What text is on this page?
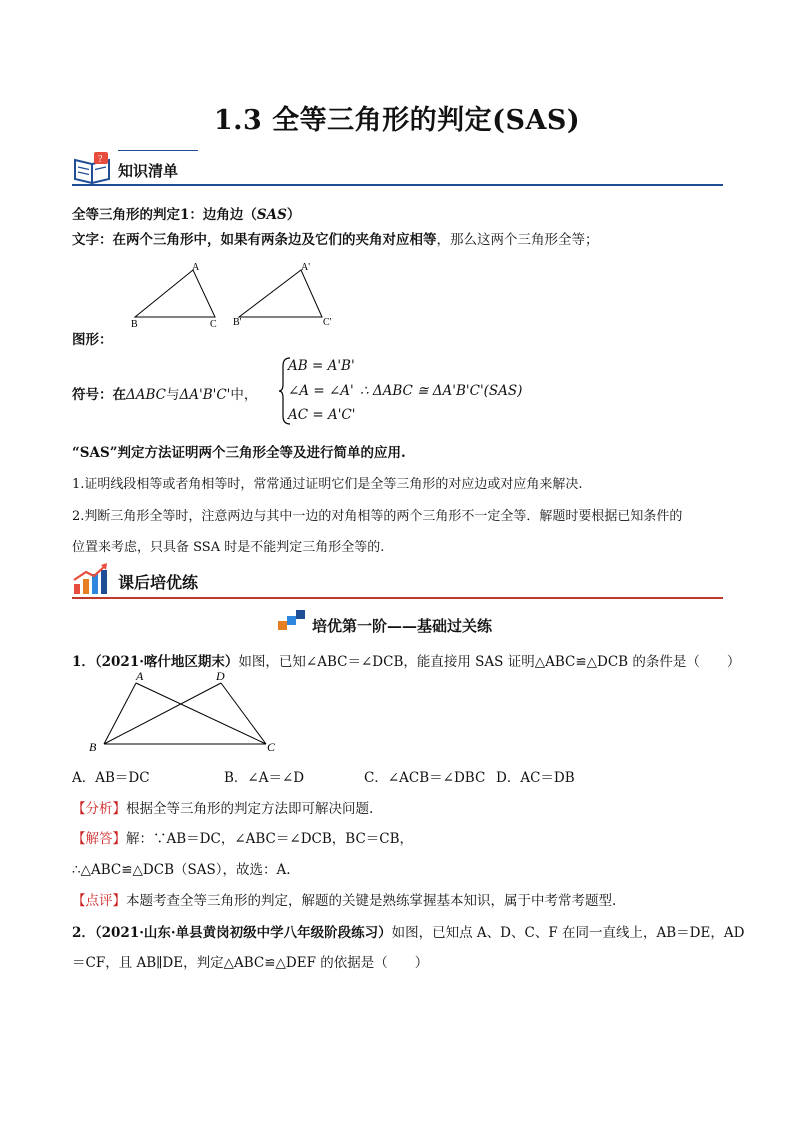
1.3 全等三角形的判定(SAS)
?
知识清单
全等三角形的判定1：边角边（SAS）
文字：在两个三角形中，如果有两条边及它们的夹角对应相等，那么这两个三角形全等；
A
B	C
A'
B'	C'
图形：
符号：在ΔABC与ΔA'B'C'中，
AB = A'B'
∠A = ∠A'
AC = A'C'
∴ ΔABC ≅ ΔA'B'C'(SAS)
“SAS”判定方法证明两个三角形全等及进行简单的应用.
1.证明线段相等或者角相等时，常常通过证明它们是全等三角形的对应边或对应角来解决.
2.判断三角形全等时，注意两边与其中一边的对角相等的两个三角形不一定全等．解题时要根据已知条件的
位置来考虑，只具备 SSA 时是不能判定三角形全等的.
课后培优练
培优第一阶——基础过关练
1．（2021·喀什地区期末）如图，已知∠ABC＝∠DCB，能直接用 SAS 证明△ABC≌△DCB 的条件是（　　）
A	D
B	C
A．AB＝DC	B．∠A＝∠D	C．∠ACB＝∠DBC D．AC＝DB
【分析】根据全等三角形的判定方法即可解决问题.
【解答】解：∵AB＝DC，∠ABC＝∠DCB，BC＝CB，
∴△ABC≌△DCB（SAS），故选：A.
【点评】本题考查全等三角形的判定，解题的关键是熟练掌握基本知识，属于中考常考题型.
2．（2021·山东·单县黄岗初级中学八年级阶段练习）如图，已知点 A、D、C、F 在同一直线上，AB＝DE，AD
＝CF，且 AB∥DE，判定△ABC≌△DEF 的依据是（　　）
